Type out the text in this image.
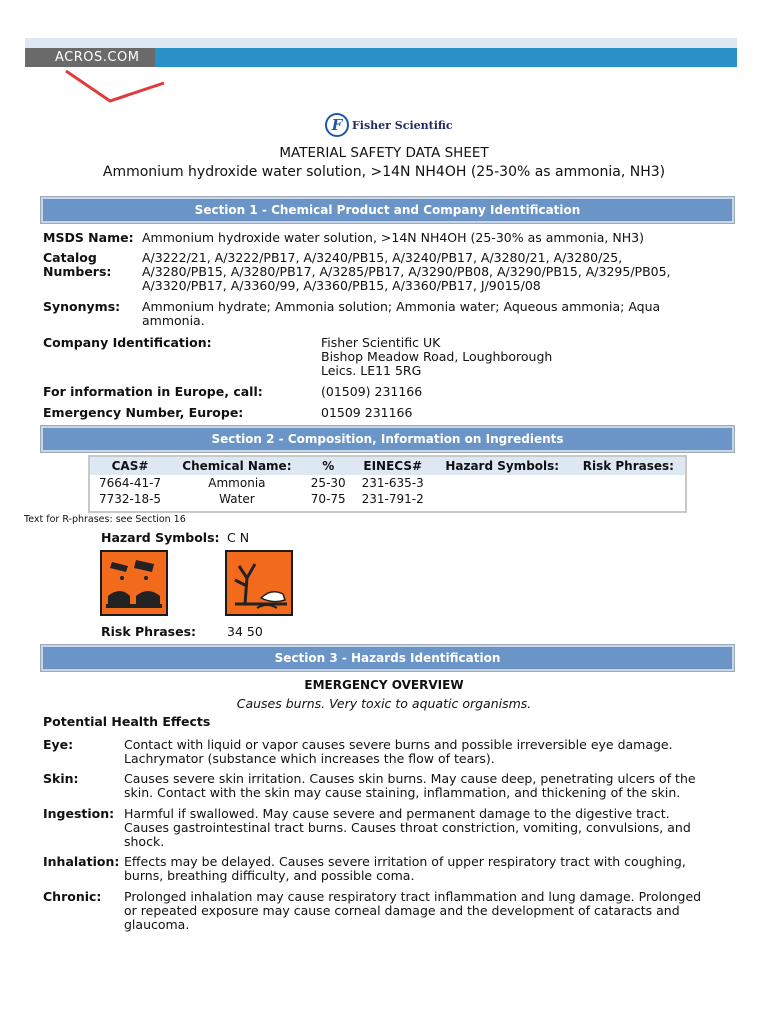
ACROS.COM
F Fisher Scientific
MATERIAL SAFETY DATA SHEET
Ammonium hydroxide water solution, >14N NH4OH (25-30% as ammonia, NH3)
Section 1 - Chemical Product and Company Identification
MSDS Name: Ammonium hydroxide water solution, >14N NH4OH (25-30% as ammonia, NH3)
Catalog
Numbers:
A/3222/21, A/3222/PB17, A/3240/PB15, A/3240/PB17, A/3280/21, A/3280/25,
A/3280/PB15, A/3280/PB17, A/3285/PB17, A/3290/PB08, A/3290/PB15, A/3295/PB05,
A/3320/PB17, A/3360/99, A/3360/PB15, A/3360/PB17, J/9015/08
Synonyms: Ammonium hydrate; Ammonia solution; Ammonia water; Aqueous ammonia; Aqua
ammonia.
Company Identification:	Fisher Scientific UK
Bishop Meadow Road, Loughborough
Leics. LE11 5RG
For information in Europe, call:	(01509) 231166
Emergency Number, Europe:	01509 231166
Section 2 - Composition, Information on Ingredients
CAS#	Chemical Name:	%	EINECS#	Hazard Symbols:	Risk Phrases:
7664-41-7	Ammonia	25-30	231-635-3		
7732-18-5	Water	70-75	231-791-2		
Text for R-phrases: see Section 16
Hazard Symbols: C N
Risk Phrases: 34 50
Section 3 - Hazards Identification
EMERGENCY OVERVIEW
Causes burns. Very toxic to aquatic organisms.
Potential Health Effects
Eye:	Contact with liquid or vapor causes severe burns and possible irreversible eye damage.
Lachrymator (substance which increases the flow of tears).
Skin:	Causes severe skin irritation. Causes skin burns. May cause deep, penetrating ulcers of the
skin. Contact with the skin may cause staining, inflammation, and thickening of the skin.
Ingestion: Harmful if swallowed. May cause severe and permanent damage to the digestive tract.
Causes gastrointestinal tract burns. Causes throat constriction, vomiting, convulsions, and
shock.
Inhalation: Effects may be delayed. Causes severe irritation of upper respiratory tract with coughing,
burns, breathing difficulty, and possible coma.
Chronic: Prolonged inhalation may cause respiratory tract inflammation and lung damage. Prolonged
or repeated exposure may cause corneal damage and the development of cataracts and
glaucoma.
